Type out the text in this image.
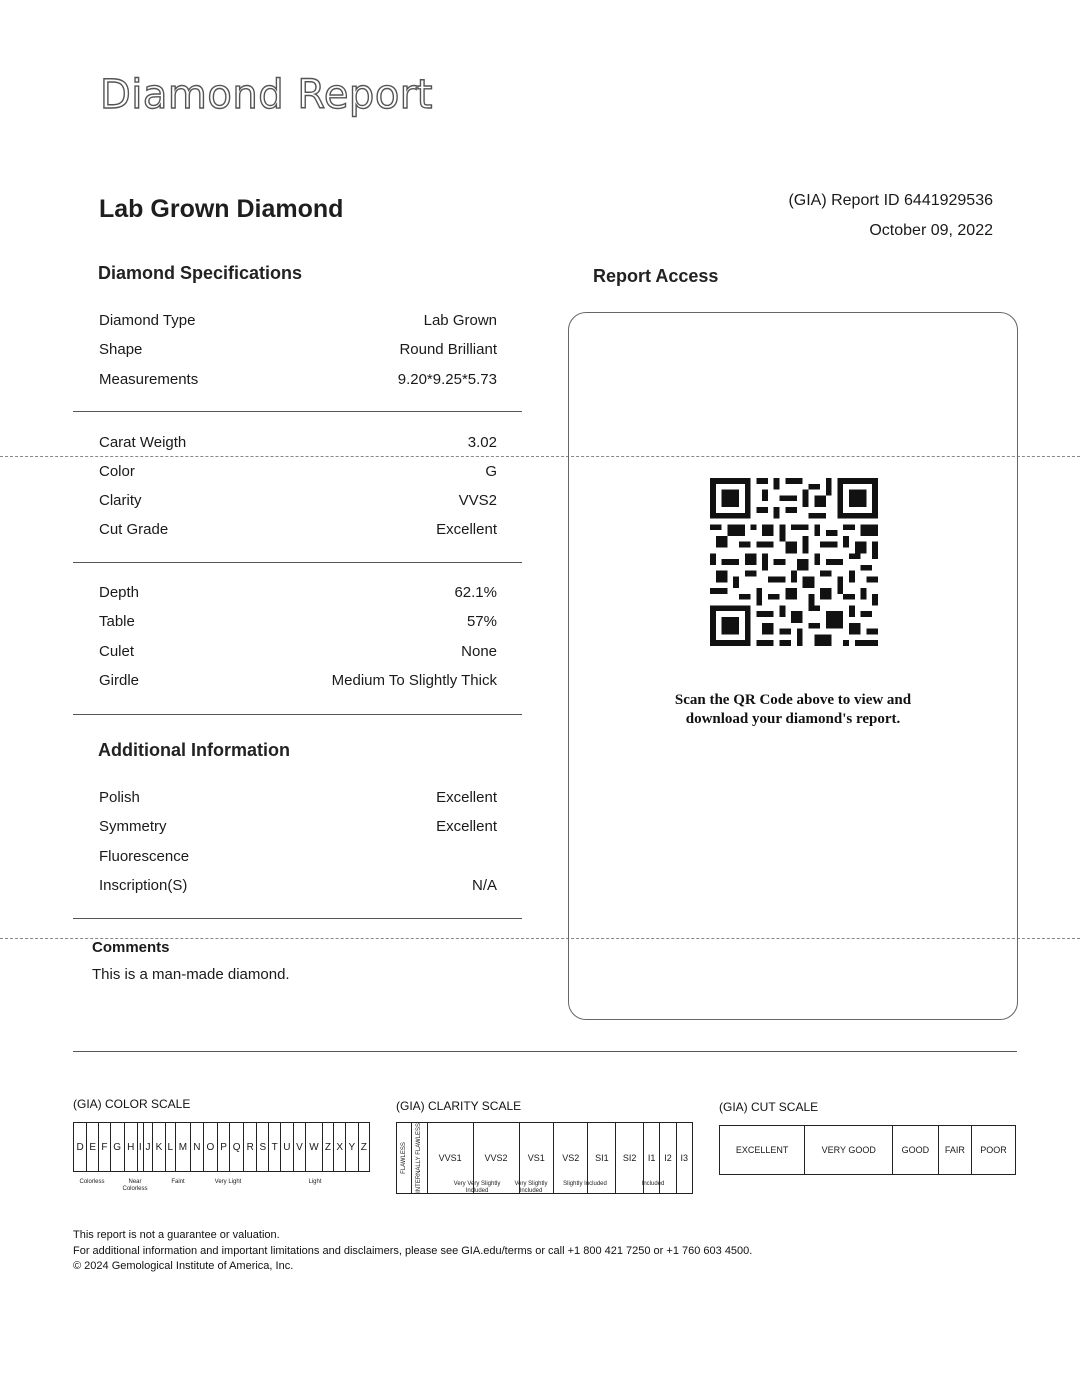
Diamond Report
Lab Grown Diamond	(GIA) Report ID 6441929536
October 09, 2022
Diamond Specifications
Diamond Type	Lab Grown
Shape	Round Brilliant
Measurements	9.20*9.25*5.73
Carat Weigth	3.02
Color	G
Clarity	VVS2
Cut Grade	Excellent
Depth	62.1%
Table	57%
Culet	None
Girdle	Medium To Slightly Thick
Additional Information
Polish	Excellent
Symmetry	Excellent
Fluorescence
Inscription(S)	N/A
Comments
This is a man-made diamond.
Report Access
Scan the QR Code above to view and
download your diamond's report.
(GIA) COLOR SCALE
D	E	F	G	H	I	J	K	L	M	N	O	P	Q	R	S	T	U	V	W	Z	X	Y	Z
Colorless	Near Colorless
Faint	Very Light	Light
(GIA) CLARITY SCALE
FLAWLESS	INTERNALLY FLAWLESS	VVS1	VVS2	VS1	VS2	SI1	SI2	I1	I2	I3
Very Very Slightly Included
Very Slightly Included
Slightly Included	Included
(GIA) CUT SCALE
EXCELLENT	VERY GOOD	GOOD	FAIR	POOR
This report is not a guarantee or valuation.
For additional information and important limitations and disclaimers, please see GIA.edu/terms or call +1 800 421 7250 or +1 760 603 4500.
© 2024 Gemological Institute of America, Inc.
